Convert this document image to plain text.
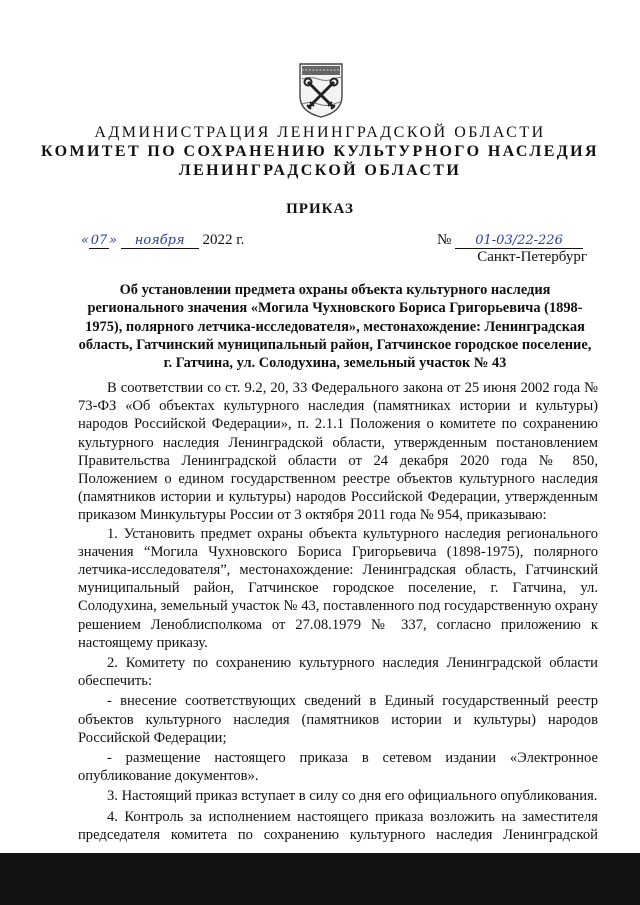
АДМИНИСТРАЦИЯ ЛЕНИНГРАДСКОЙ ОБЛАСТИ
КОМИТЕТ ПО СОХРАНЕНИЮ КУЛЬТУРНОГО НАСЛЕДИЯ
ЛЕНИНГРАДСКОЙ ОБЛАСТИ
ПРИКАЗ
« 07 » ноября 2022 г.	№ 01-03/22-226
Санкт-Петербург
Об установлении предмета охраны объекта культурного наследия регионального значения «Могила Чухновского Бориса Григорьевича (1898-1975), полярного летчика-исследователя», местонахождение: Ленинградская область, Гатчинский муниципальный район, Гатчинское городское поселение, г. Гатчина, ул. Солодухина, земельный участок № 43

В соответствии со ст. 9.2, 20, 33 Федерального закона от 25 июня 2002 года № 73-ФЗ «Об объектах культурного наследия (памятниках истории и культуры) народов Российской Федерации», п. 2.1.1 Положения о комитете по сохранению культурного наследия Ленинградской области, утвержденным постановлением Правительства Ленинградской области от 24 декабря 2020 года № 850, Положением о едином государственном реестре объектов культурного наследия (памятников истории и культуры) народов Российской Федерации, утвержденным приказом Минкультуры России от 3 октября 2011 года № 954, приказываю:

1. Установить предмет охраны объекта культурного наследия регионального значения “Могила Чухновского Бориса Григорьевича (1898-1975), полярного летчика-исследователя”, местонахождение: Ленинградская область, Гатчинский муниципальный район, Гатчинское городское поселение, г. Гатчина, ул. Солодухина, земельный участок № 43, поставленного под государственную охрану решением Леноблисполкома от 27.08.1979 № 337, согласно приложению к настоящему приказу.

2. Комитету по сохранению культурного наследия Ленинградской области обеспечить:

- внесение соответствующих сведений в Единый государственный реестр объектов культурного наследия (памятников истории и культуры) народов Российской Федерации;

- размещение настоящего приказа в сетевом издании «Электронное опубликование документов».

3. Настоящий приказ вступает в силу со дня его официального опубликования.

4. Контроль за исполнением настоящего приказа возложить на заместителя председателя комитета по сохранению культурного наследия Ленинградской
